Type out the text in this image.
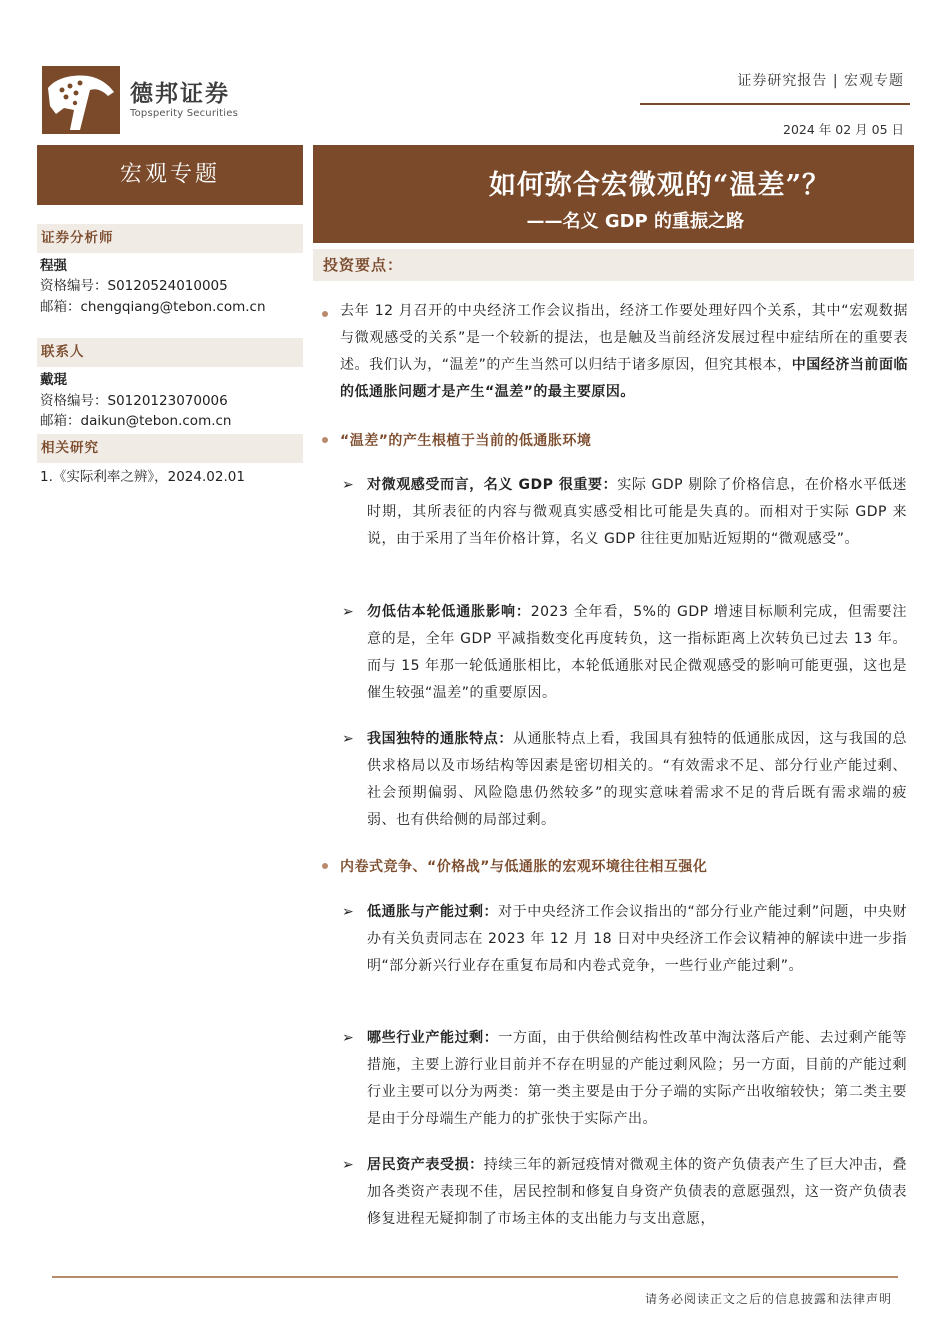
德邦证券
Topsperity Securities
证券研究报告 | 宏观专题
2024 年 02 月 05 日
宏观专题	如何弥合宏微观的“温差”？
——名义 GDP 的重振之路
证券分析师
程强
资格编号：S0120524010005
邮箱：chengqiang@tebon.com.cn
联系人
戴琨
资格编号：S0120123070006
邮箱：daikun@tebon.com.cn
相关研究
1.《实际利率之辨》，2024.02.01
投资要点：
去年 12 月召开的中央经济工作会议指出，经济工作要处理好四个关系，其中“宏观数据与微观感受的关系”是一个较新的提法，也是触及当前经济发展过程中症结所在的重要表述。我们认为，“温差”的产生当然可以归结于诸多原因，但究其根本，中国经济当前面临的低通胀问题才是产生“温差”的最主要原因。
“温差”的产生根植于当前的低通胀环境
➢ 对微观感受而言，名义 GDP 很重要：实际 GDP 剔除了价格信息，在价格水平低迷时期，其所表征的内容与微观真实感受相比可能是失真的。而相对于实际 GDP 来说，由于采用了当年价格计算，名义 GDP 往往更加贴近短期的“微观感受”。
➢ 勿低估本轮低通胀影响：2023 全年看，5%的 GDP 增速目标顺利完成，但需要注意的是，全年 GDP 平减指数变化再度转负，这一指标距离上次转负已过去 13 年。而与 15 年那一轮低通胀相比，本轮低通胀对民企微观感受的影响可能更强，这也是催生较强“温差”的重要原因。
➢ 我国独特的通胀特点：从通胀特点上看，我国具有独特的低通胀成因，这与我国的总供求格局以及市场结构等因素是密切相关的。“有效需求不足、部分行业产能过剩、社会预期偏弱、风险隐患仍然较多”的现实意味着需求不足的背后既有需求端的疲弱、也有供给侧的局部过剩。
内卷式竞争、“价格战”与低通胀的宏观环境往往相互强化
➢ 低通胀与产能过剩：对于中央经济工作会议指出的“部分行业产能过剩”问题，中央财办有关负责同志在 2023 年 12 月 18 日对中央经济工作会议精神的解读中进一步指明“部分新兴行业存在重复布局和内卷式竞争，一些行业产能过剩”。
➢ 哪些行业产能过剩：一方面，由于供给侧结构性改革中淘汰落后产能、去过剩产能等措施，主要上游行业目前并不存在明显的产能过剩风险；另一方面，目前的产能过剩行业主要可以分为两类：第一类主要是由于分子端的实际产出收缩较快；第二类主要是由于分母端生产能力的扩张快于实际产出。
➢ 居民资产表受损：持续三年的新冠疫情对微观主体的资产负债表产生了巨大冲击，叠加各类资产表现不佳，居民控制和修复自身资产负债表的意愿强烈，这一资产负债表修复进程无疑抑制了市场主体的支出能力与支出意愿，
请务必阅读正文之后的信息披露和法律声明
